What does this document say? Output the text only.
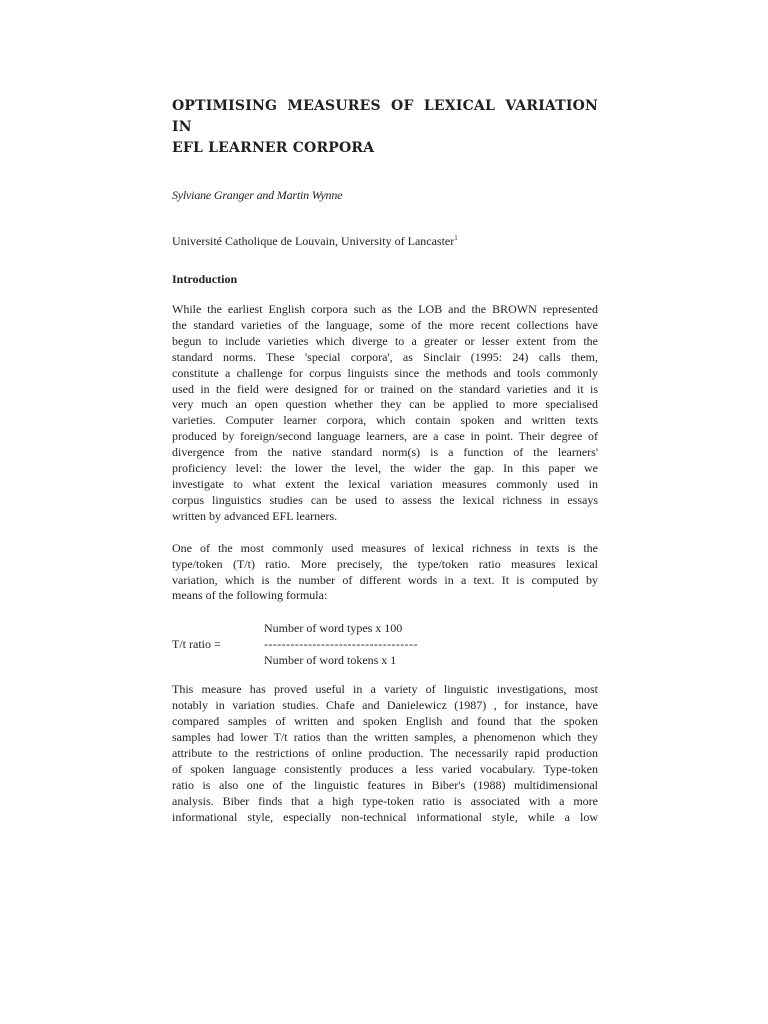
OPTIMISING MEASURES OF LEXICAL VARIATION IN
EFL LEARNER CORPORA
Sylviane Granger and Martin Wynne
Université Catholique de Louvain, University of Lancaster$^1$
Introduction
While the earliest English corpora such as the LOB and the BROWN represented
the standard varieties of the language, some of the more recent collections have
begun to include varieties which diverge to a greater or lesser extent from the
standard norms. These 'special corpora', as Sinclair (1995: 24) calls them,
constitute a challenge for corpus linguists since the methods and tools commonly
used in the field were designed for or trained on the standard varieties and it is
very much an open question whether they can be applied to more specialised
varieties. Computer learner corpora, which contain spoken and written texts
produced by foreign/second language learners, are a case in point. Their degree of
divergence from the native standard norm(s) is a function of the learners'
proficiency level: the lower the level, the wider the gap. In this paper we
investigate to what extent the lexical variation measures commonly used in
corpus linguistics studies can be used to assess the lexical richness in essays
written by advanced EFL learners.
One of the most commonly used measures of lexical richness in texts is the
type/token (T/t) ratio. More precisely, the type/token ratio measures lexical
variation, which is the number of different words in a text. It is computed by
means of the following formula:
T/t ratio =
Number of word types x 100
-----------------------------------
Number of word tokens x 1
This measure has proved useful in a variety of linguistic investigations, most
notably in variation studies. Chafe and Danielewicz (1987) , for instance, have
compared samples of written and spoken English and found that the spoken
samples had lower T/t ratios than the written samples, a phenomenon which they
attribute to the restrictions of online production. The necessarily rapid production
of spoken language consistently produces a less varied vocabulary. Type-token
ratio is also one of the linguistic features in Biber's (1988) multidimensional
analysis. Biber finds that a high type-token ratio is associated with a more
informational style, especially non-technical informational style, while a low
